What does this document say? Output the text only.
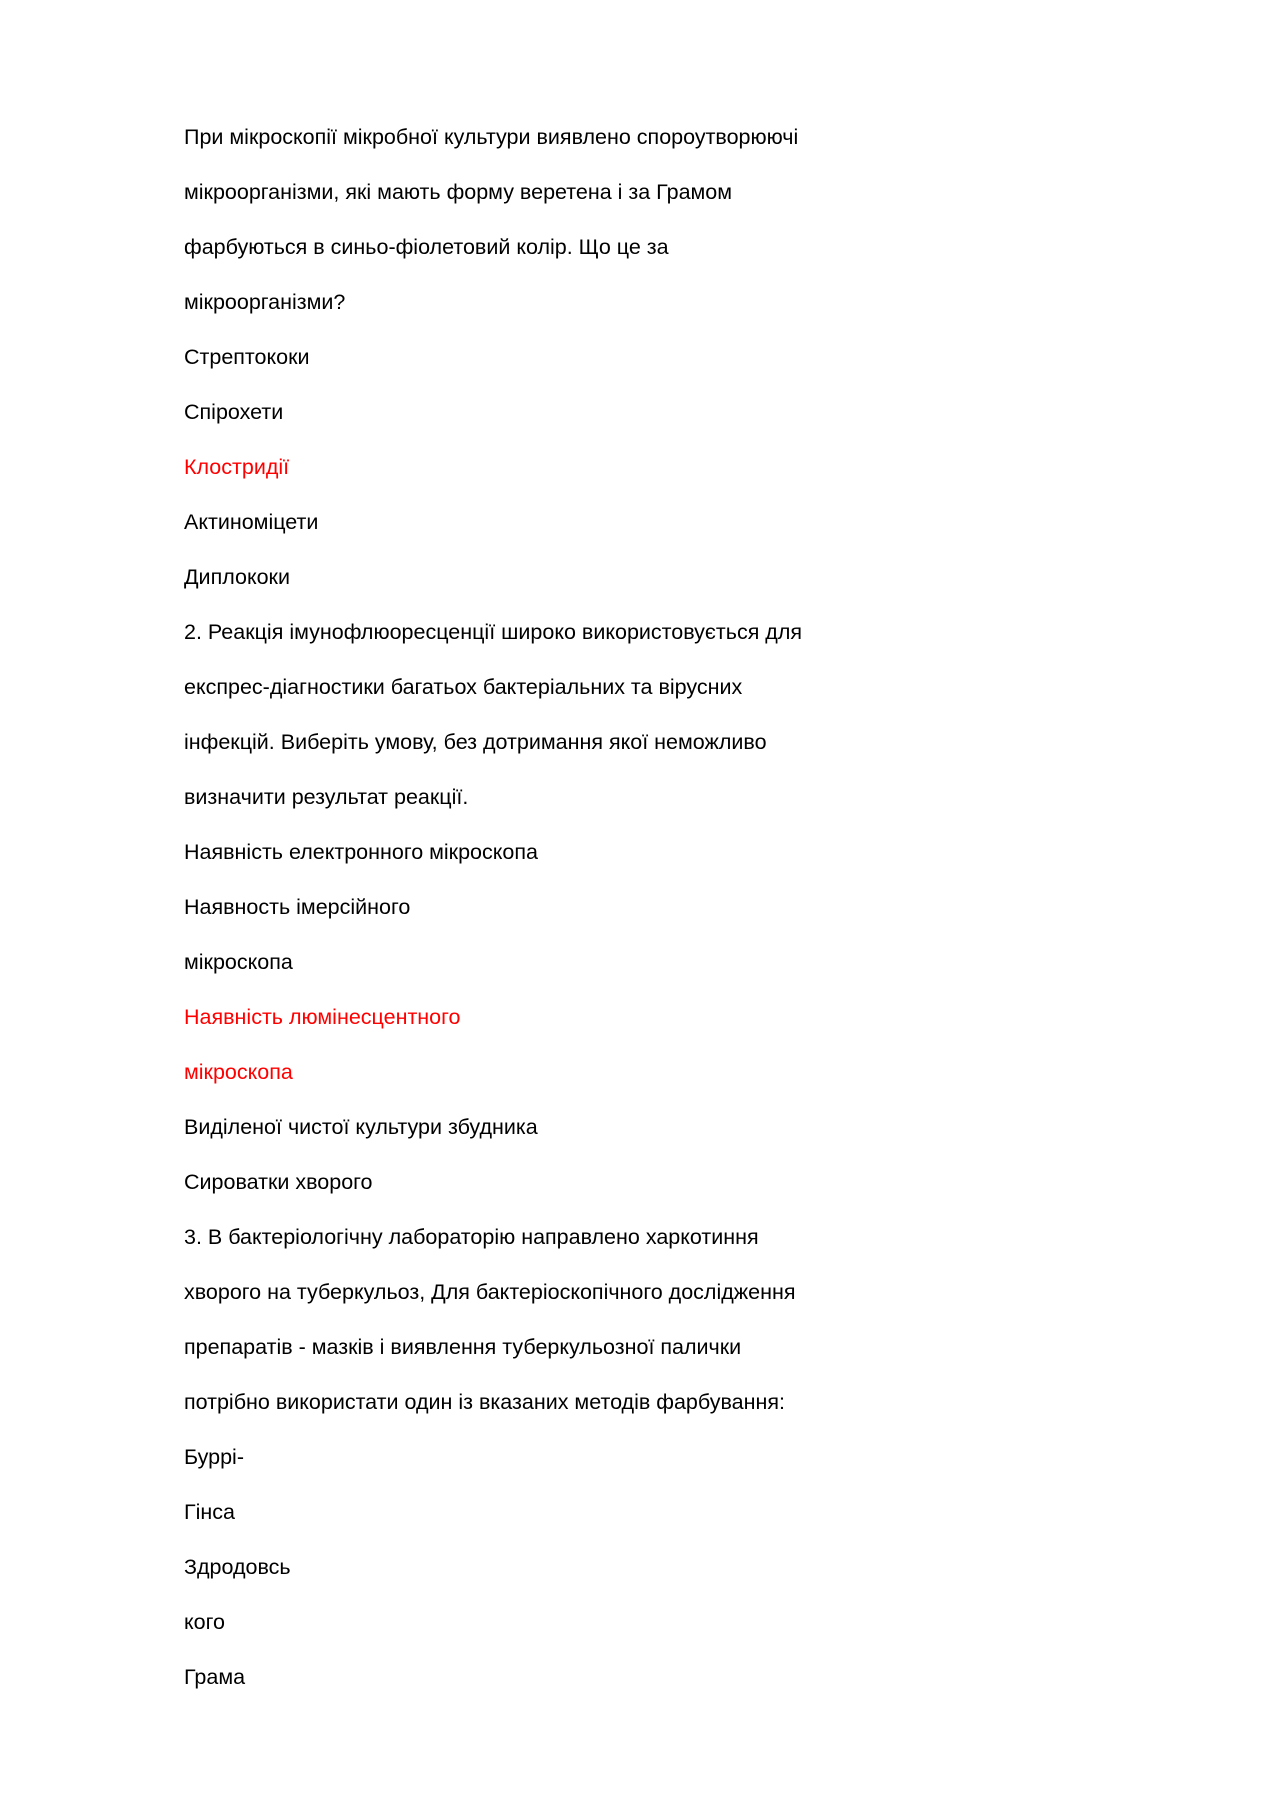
При мікроскопії мікробної культури виявлено спороутворюючі
мікроорганізми, які мають форму веретена і за Грамом
фарбуються в синьо-фіолетовий колір. Що це за
мікроорганізми?
Стрептококи
Спірохети
Клостридії
Актиноміцети
Диплококи
2. Реакція імунофлюоресценції широко використовується для
експрес-діагностики багатьох бактеріальних та вірусних
інфекцій. Виберіть умову, без дотримання якої неможливо
визначити результат реакції.
Наявність електронного мікроскопа
Наявность імерсійного
мікроскопа
Наявність люмінесцентного
мікроскопа
Виділеної чистої культури збудника
Сироватки хворого
3. В бактеріологічну лабораторію направлено харкотиння
хворого на туберкульоз, Для бактеріоскопічного дослідження
препаратів - мазків і виявлення туберкульозної палички
потрібно використати один із вказаних методів фарбування:
Буррі-
Гінса
Здродовсь
кого
Грама
